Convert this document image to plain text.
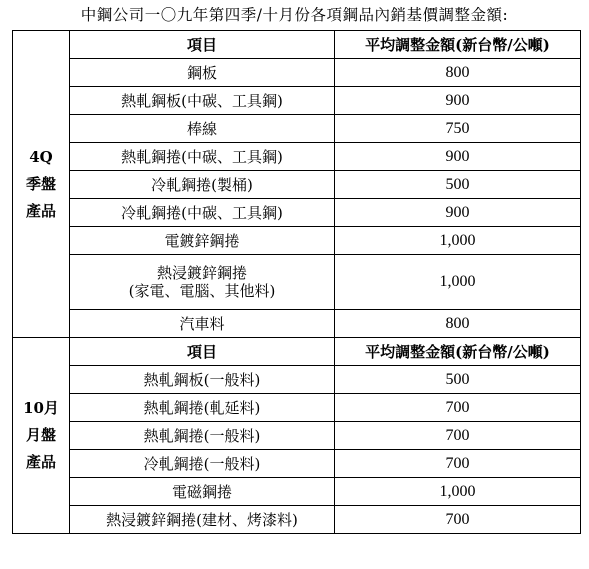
中鋼公司一〇九年第四季/十月份各項鋼品內銷基價調整金額:
4Q
季盤
產品	項目	平均調整金額(新台幣/公噸)
	鋼板	800
	熱軋鋼板(中碳、工具鋼)	900
	棒線	750
	熱軋鋼捲(中碳、工具鋼)	900
	冷軋鋼捲(製桶)	500
	冷軋鋼捲(中碳、工具鋼)	900
	電鍍鋅鋼捲	1,000

	熱浸鍍鋅鋼捲
(家電、電腦、其他料)	1,000
	汽車料	800

10月
月盤
產品	項目	平均調整金額(新台幣/公噸)
	熱軋鋼板(一般料)	500
	熱軋鋼捲(軋延料)	700
	熱軋鋼捲(一般料)	700
	冷軋鋼捲(一般料)	700
	電磁鋼捲	1,000
	熱浸鍍鋅鋼捲(建材、烤漆料)	700
